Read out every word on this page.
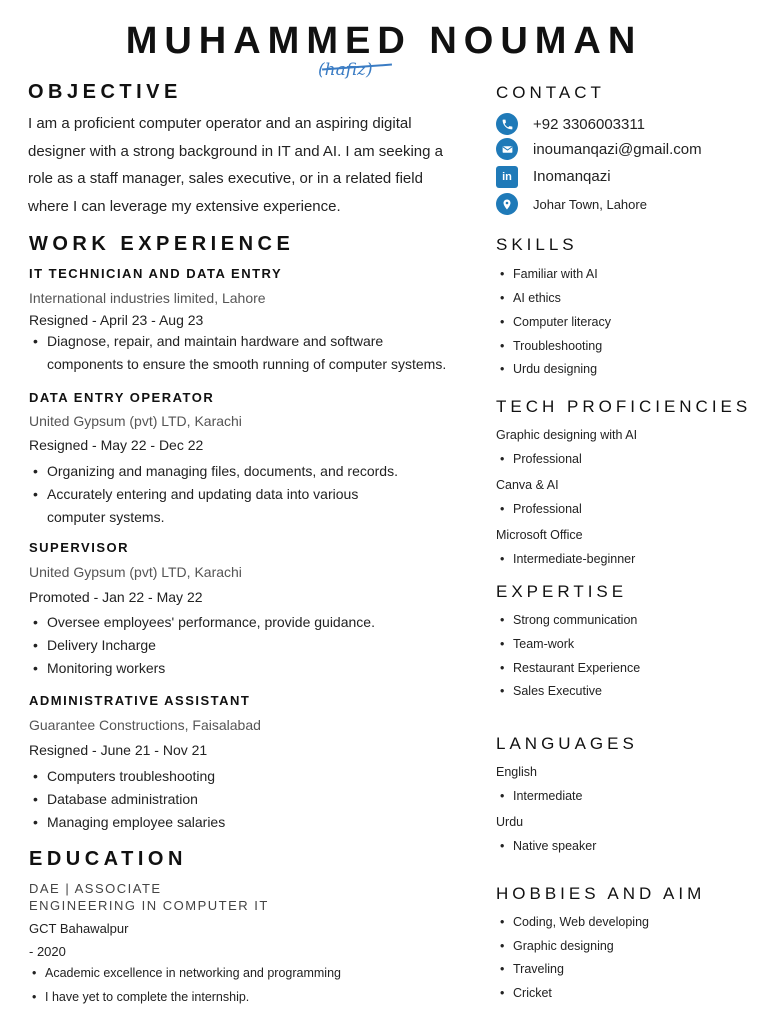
MUHAMMED NOUMAN
(hafiz)
OBJECTIVE
I am a proficient computer operator and an aspiring digital designer with a strong background in IT and AI. I am seeking a role as a staff manager, sales executive, or in a related field where I can leverage my extensive experience.
WORK EXPERIENCE
IT TECHNICIAN AND DATA ENTRY
International industries limited, Lahore
Resigned - April 23 - Aug 23
• Diagnose, repair, and maintain hardware and software
components to ensure the smooth running of computer systems.
DATA ENTRY OPERATOR
United Gypsum (pvt) LTD, Karachi
Resigned - May 22 - Dec 22
• Organizing and managing files, documents, and records.
• Accurately entering and updating data into various
computer systems.
SUPERVISOR
United Gypsum (pvt) LTD, Karachi
Promoted - Jan 22 - May 22
• Oversee employees' performance, provide guidance.
• Delivery Incharge
• Monitoring workers
ADMINISTRATIVE ASSISTANT
Guarantee Constructions, Faisalabad
Resigned - June 21 - Nov 21
• Computers troubleshooting
• Database administration
• Managing employee salaries
EDUCATION
DAE | ASSOCIATE
ENGINEERING IN COMPUTER IT
GCT Bahawalpur
- 2020
• Academic excellence in networking and programming
• I have yet to complete the internship.
CONTACT
+92 3306003311
inoumanqazi@gmail.com
in	Inomanqazi
Johar Town, Lahore
SKILLS
• Familiar with AI
• AI ethics
• Computer literacy
• Troubleshooting
• Urdu designing
TECH PROFICIENCIES
Graphic designing with AI
• Professional
Canva & AI
• Professional
Microsoft Office
• Intermediate-beginner
EXPERTISE
• Strong communication
• Team-work
• Restaurant Experience
• Sales Executive
LANGUAGES
English
• Intermediate
Urdu
• Native speaker
HOBBIES AND AIM
• Coding, Web developing
• Graphic designing
• Traveling
• Cricket
